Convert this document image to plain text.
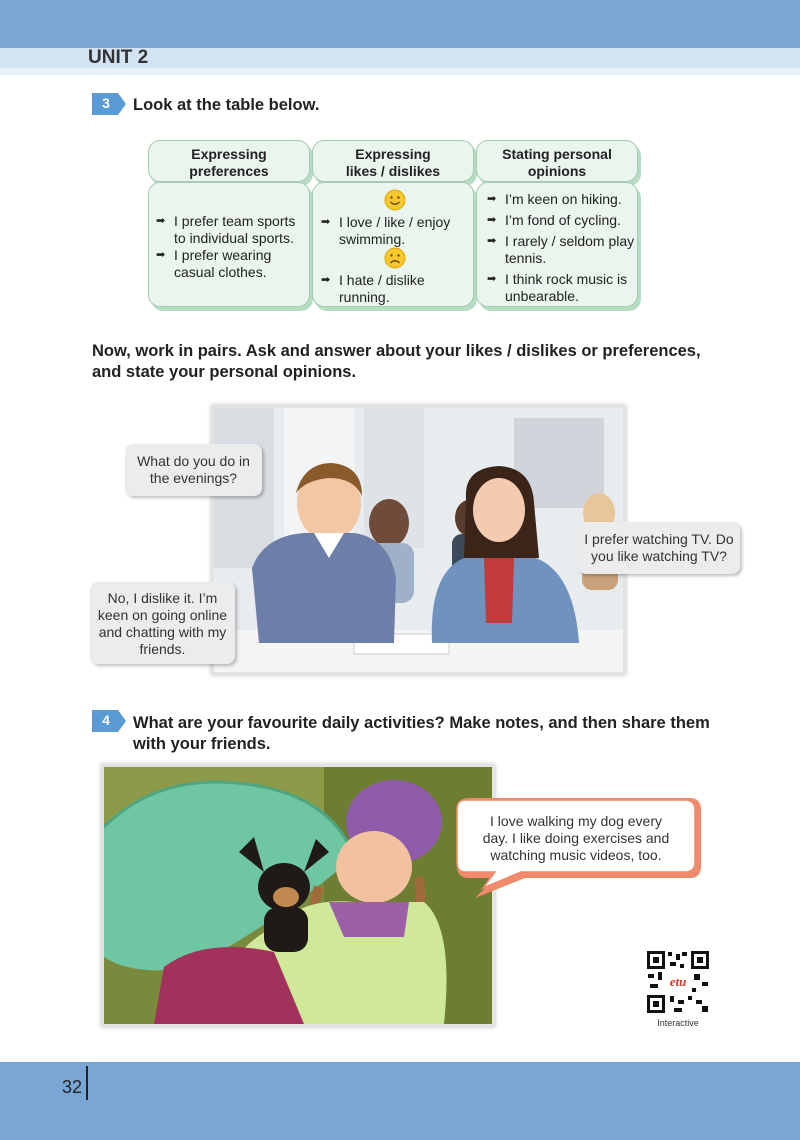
UNIT 2
3 Look at the table below.
Expressing
preferences
➡ I prefer team sports
to individual sports.
➡ I prefer wearing
casual clothes.
Expressing
likes / dislikes
➡ I love / like / enjoy
swimming.
➡ I hate / dislike
running.
Stating personal
opinions
➡ I’m keen on hiking.
➡ I’m fond of cycling.
➡ I rarely / seldom play
tennis.
➡ I think rock music is
unbearable.
Now, work in pairs. Ask and answer about your likes / dislikes or preferences,
and state your personal opinions.
What do you do in
the evenings?
I prefer watching TV. Do
you like watching TV?
No, I dislike it. I’m
keen on going online
and chatting with my
friends.
4 What are your favourite daily activities? Make notes, and then share them
with your friends.
I love walking my dog every
day. I like doing exercises and
watching music videos, too.
etu
Interactive
32
